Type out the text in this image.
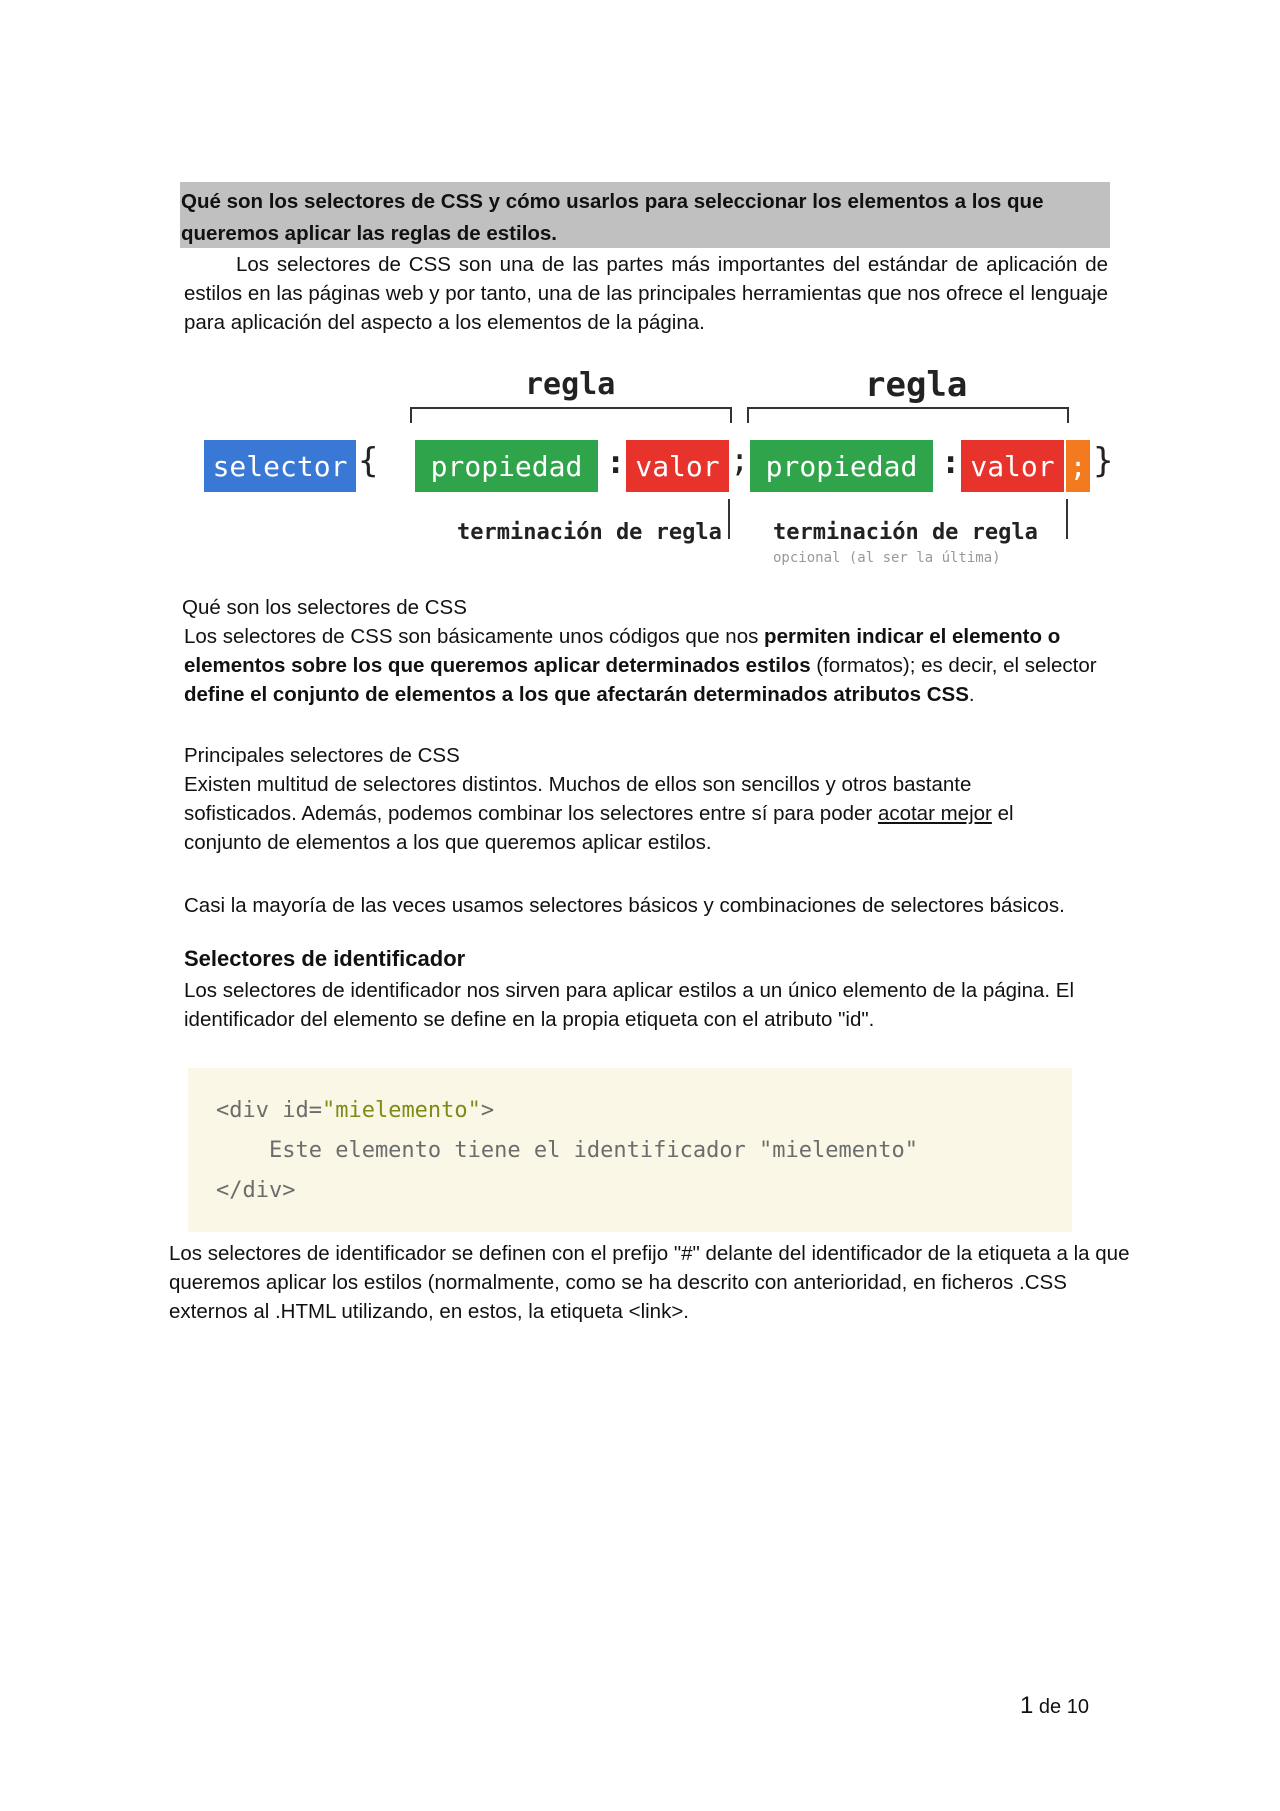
Qué son los selectores de CSS y cómo usarlos para seleccionar los elementos a los que queremos aplicar las reglas de estilos.

Los selectores de CSS son una de las partes más importantes del estándar de aplicación de estilos en las páginas web y por tanto, una de las principales herramientas que nos ofrece el lenguaje para aplicación del aspecto a los elementos de la página.

regla	regla
selector {	propiedad : valor ; propiedad : valor ; }
terminación de regla terminación de regla
opcional (al ser la última)

Qué son los selectores de CSS

Los selectores de CSS son básicamente unos códigos que nos permiten indicar el elemento o elementos sobre los que queremos aplicar determinados estilos (formatos); es decir, el selector define el conjunto de elementos a los que afectarán determinados atributos CSS.

Principales selectores de CSS

Existen multitud de selectores distintos. Muchos de ellos son sencillos y otros bastante sofisticados. Además, podemos combinar los selectores entre sí para poder acotar mejor el conjunto de elementos a los que queremos aplicar estilos.

Casi la mayoría de las veces usamos selectores básicos y combinaciones de selectores básicos.

Selectores de identificador

Los selectores de identificador nos sirven para aplicar estilos a un único elemento de la página. El identificador del elemento se define en la propia etiqueta con el atributo "id".

<div id="mielemento">
Este elemento tiene el identificador "mielemento"
</div>

Los selectores de identificador se definen con el prefijo "#" delante del identificador de la etiqueta a la que queremos aplicar los estilos (normalmente, como se ha descrito con anterioridad, en ficheros .CSS externos al .HTML utilizando, en estos, la etiqueta <link>.

1 de 10
